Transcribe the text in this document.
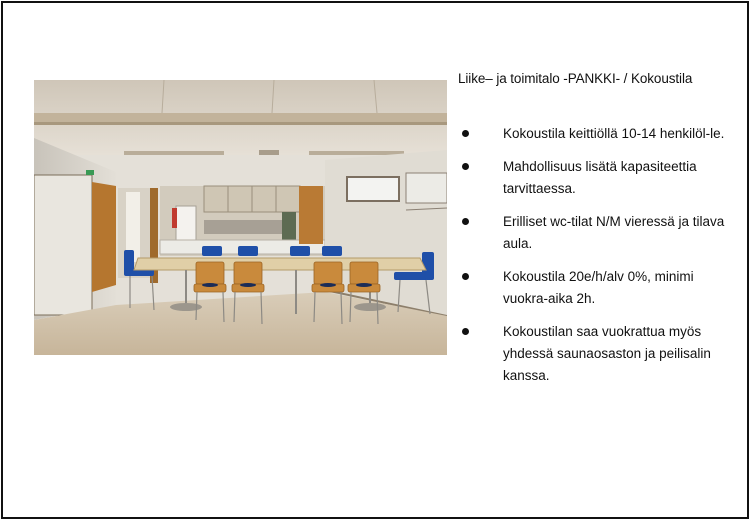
Liike– ja toimitalo -PANKKI- / Kokoustila
Kokoustila keittiöllä 10-14 henkilöl-le.
Mahdollisuus lisätä kapasiteettia tarvittaessa.
Erilliset wc-tilat N/M vieressä ja tilava aula.
Kokoustila 20e/h/alv 0%, minimi vuokra-aika 2h.
Kokoustilan saa vuokrattua myös yhdessä saunaosaston ja peilisalin kanssa.
